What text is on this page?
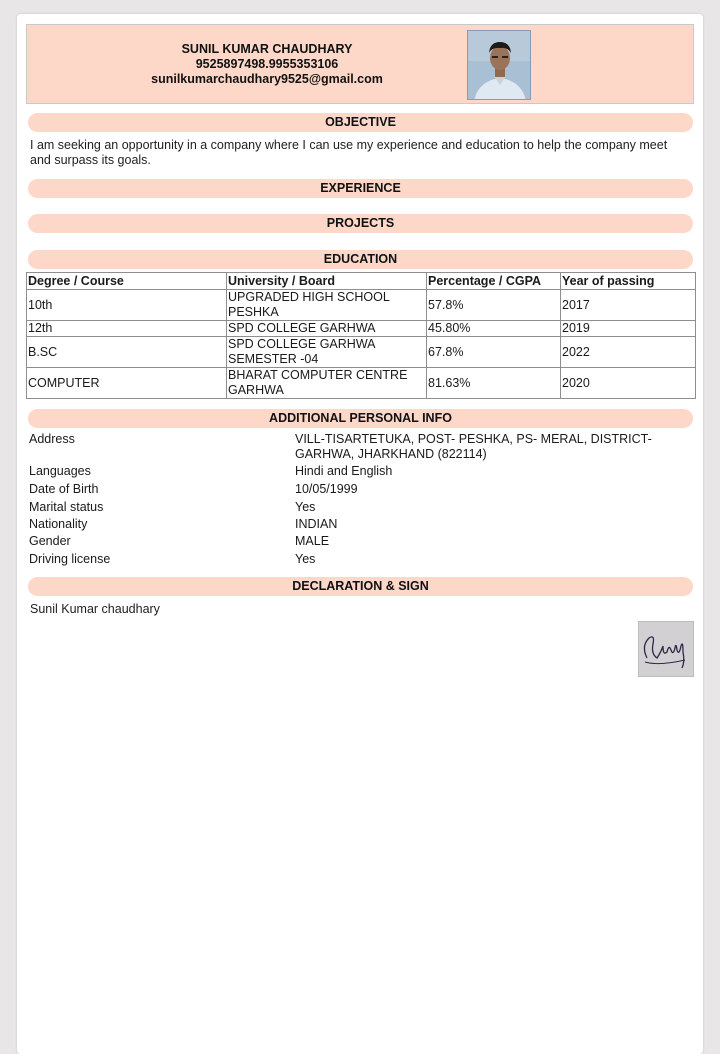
SUNIL KUMAR CHAUDHARY
9525897498.9955353106
sunilkumarchaudhary9525@gmail.com
OBJECTIVE
I am seeking an opportunity in a company where I can use my experience and education to help the company meet and surpass its goals.
EXPERIENCE
PROJECTS
EDUCATION
Degree / Course	University / Board	Percentage / CGPA	Year of passing
10th	UPGRADED HIGH SCHOOL PESHKA	57.8%	2017
12th	SPD COLLEGE GARHWA	45.80%	2019
B.SC	SPD COLLEGE GARHWA SEMESTER -04	67.8%	2022
COMPUTER	BHARAT COMPUTER CENTRE GARHWA	81.63%	2020
ADDITIONAL PERSONAL INFO
Address	VILL-TISARTETUKA, POST- PESHKA, PS- MERAL, DISTRICT- GARHWA, JHARKHAND (822114)
Languages	Hindi and English
Date of Birth	10/05/1999
Marital status	Yes
Nationality	INDIAN
Gender	MALE
Driving license	Yes
DECLARATION & SIGN
Sunil Kumar chaudhary
